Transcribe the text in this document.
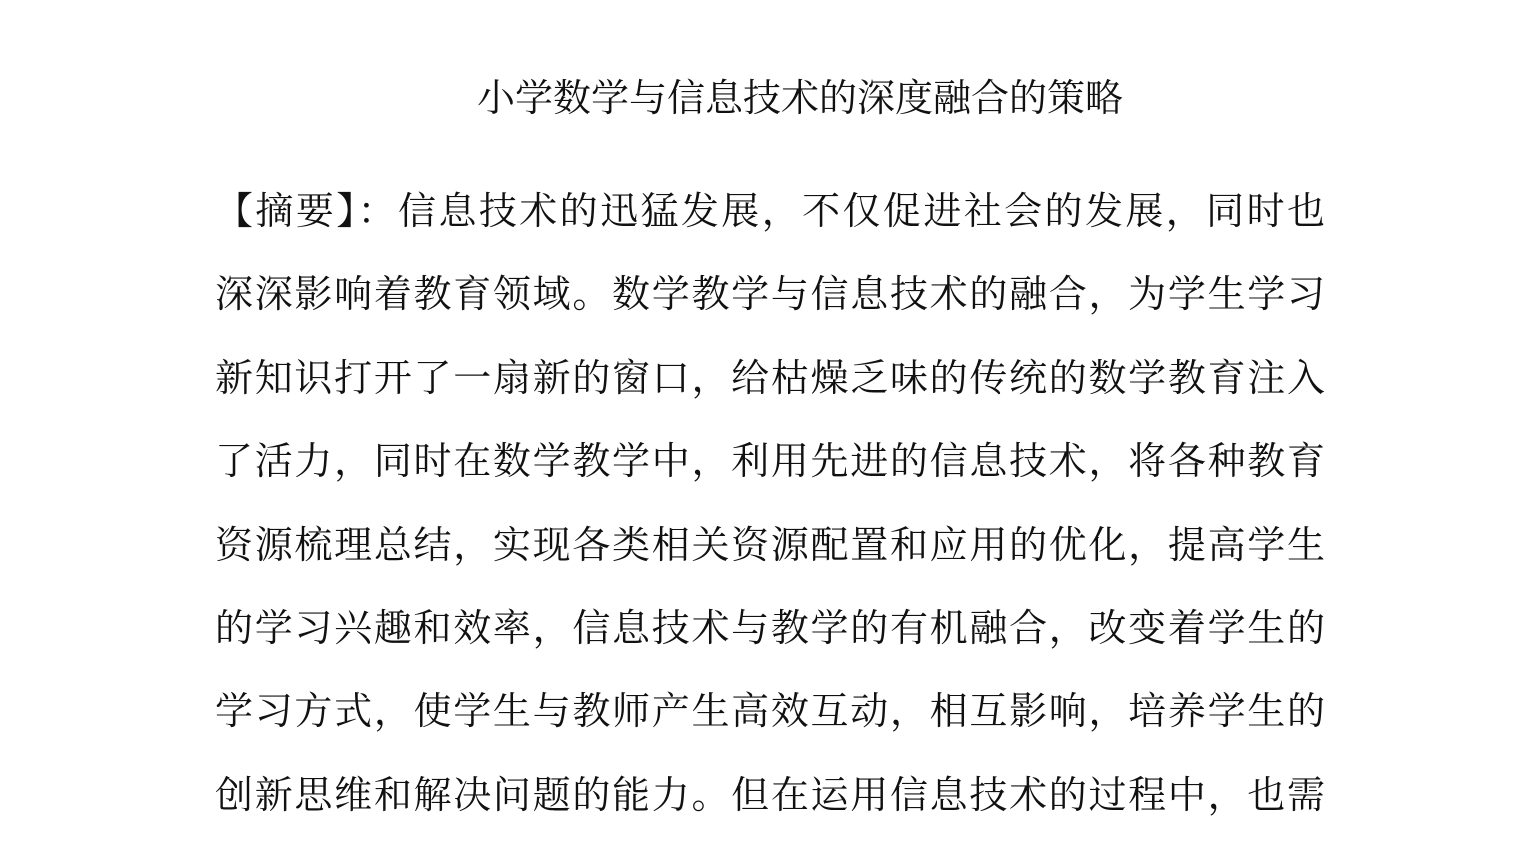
小学数学与信息技术的深度融合的策略
【摘要】：信息技术的迅猛发展，不仅促进社会的发展，同时也
深深影响着教育领域。数学教学与信息技术的融合，为学生学习
新知识打开了一扇新的窗口，给枯燥乏味的传统的数学教育注入
了活力，同时在数学教学中，利用先进的信息技术，将各种教育
资源梳理总结，实现各类相关资源配置和应用的优化，提高学生
的学习兴趣和效率，信息技术与教学的有机融合，改变着学生的
学习方式，使学生与教师产生高效互动，相互影响，培养学生的
创新思维和解决问题的能力。但在运用信息技术的过程中，也需
